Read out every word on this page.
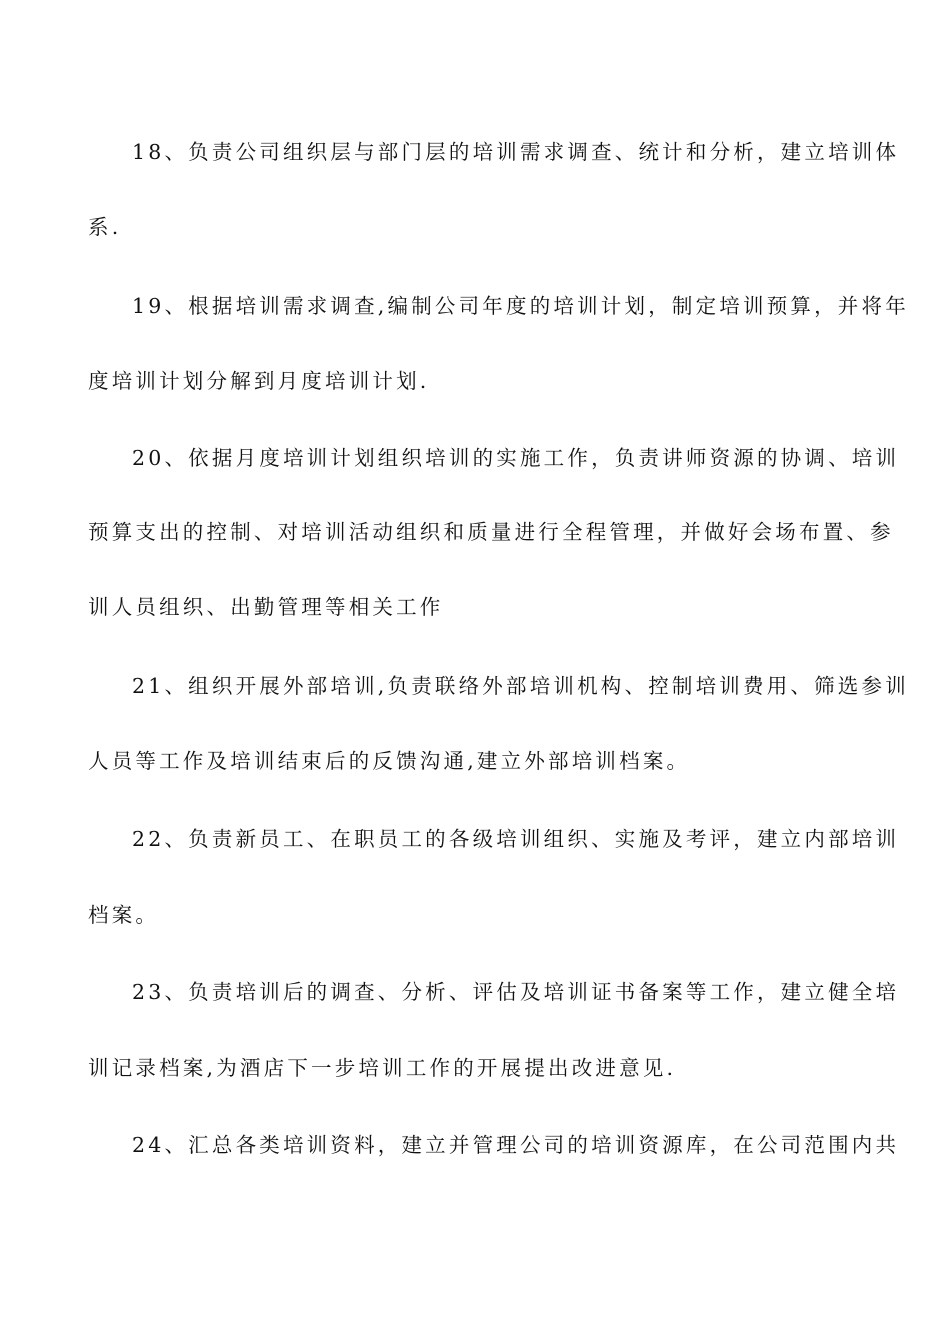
18、负责公司组织层与部门层的培训需求调查、统计和分析，建立培训体
系.
19、根据培训需求调查,编制公司年度的培训计划，制定培训预算，并将年
度培训计划分解到月度培训计划.
20、依据月度培训计划组织培训的实施工作，负责讲师资源的协调、培训
预算支出的控制、对培训活动组织和质量进行全程管理，并做好会场布置、参
训人员组织、出勤管理等相关工作
21、组织开展外部培训,负责联络外部培训机构、控制培训费用、筛选参训
人员等工作及培训结束后的反馈沟通,建立外部培训档案。
22、负责新员工、在职员工的各级培训组织、实施及考评，建立内部培训
档案。
23、负责培训后的调查、分析、评估及培训证书备案等工作，建立健全培
训记录档案,为酒店下一步培训工作的开展提出改进意见.
24、汇总各类培训资料，建立并管理公司的培训资源库，在公司范围内共
